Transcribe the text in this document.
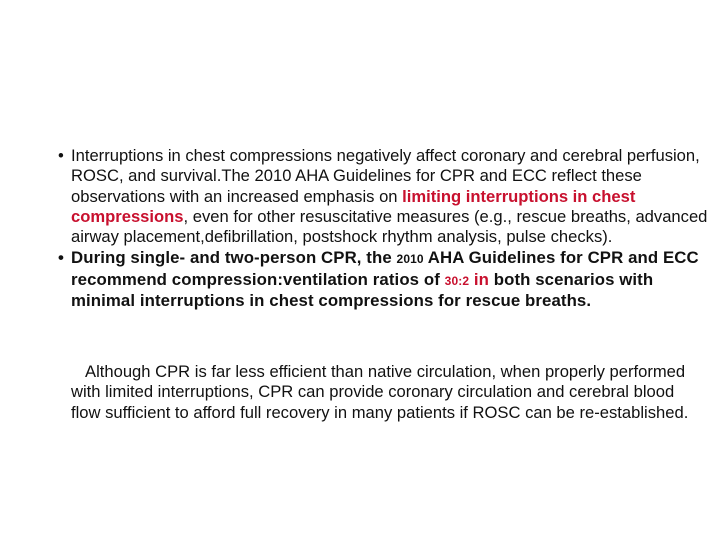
• Interruptions in chest compressions negatively affect coronary and cerebral perfusion, ROSC, and survival.The 2010 AHA Guidelines for CPR and ECC reflect these observations with an increased emphasis on limiting interruptions in chest compressions, even for other resuscitative measures (e.g., rescue breaths, advanced airway placement,defibrillation, postshock rhythm analysis, pulse checks).
• During single- and two-person CPR, the 2010 AHA Guidelines for CPR and ECC recommend compression:ventilation ratios of 30:2 in both scenarios with minimal interruptions in chest compressions for rescue breaths.

Although CPR is far less efficient than native circulation, when properly performed with limited interruptions, CPR can provide coronary circulation and cerebral blood flow sufficient to afford full recovery in many patients if ROSC can be re-established.
